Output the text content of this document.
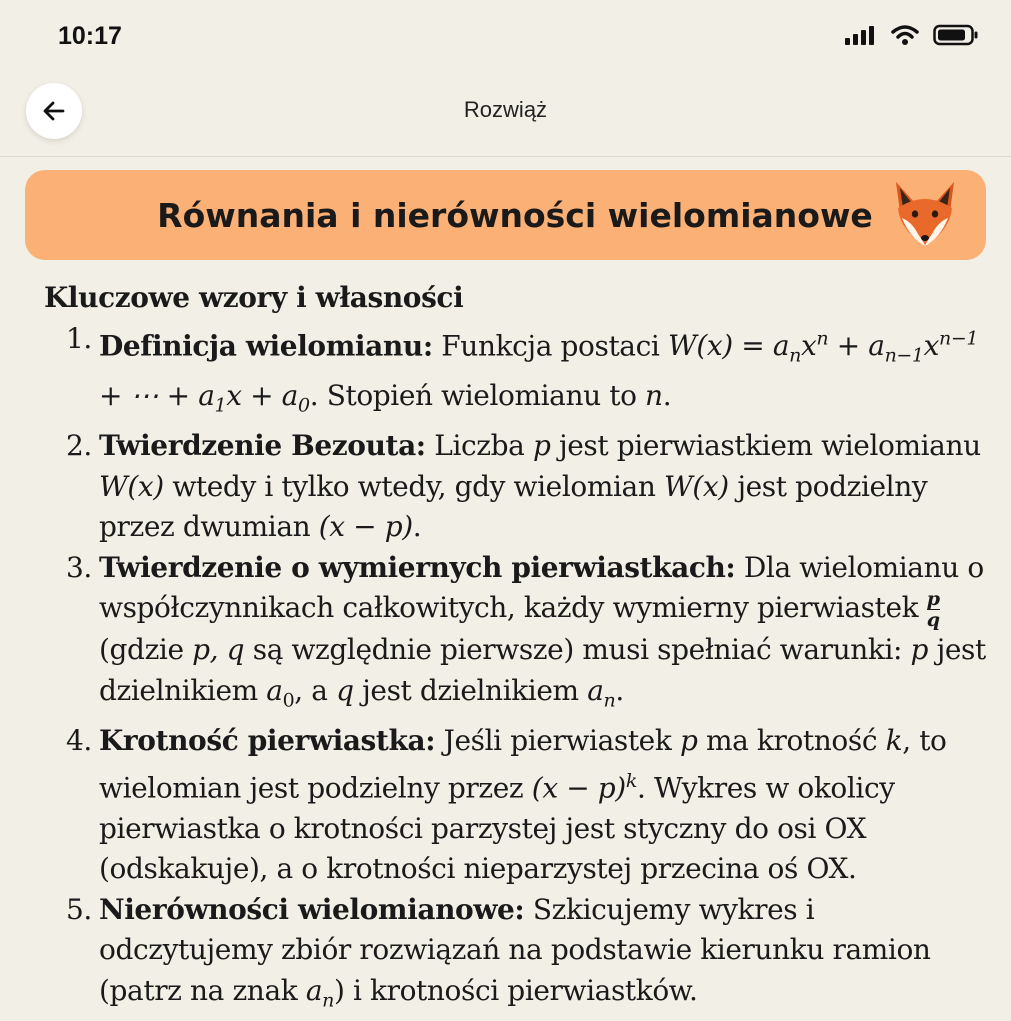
10:17
Rozwiąż
Równania i nierówności wielomianowe

Kluczowe wzory i własności

1. Definicja wielomianu: Funkcja postaci $W(x) = a_nx^n + a_{n-1}x^{n-1}$ + ⋯ + $a_1x + a_0$. Stopień wielomianu to n.
2. Twierdzenie Bezouta: Liczba p jest pierwiastkiem wielomianu W(x) wtedy i tylko wtedy, gdy wielomian W(x) jest podzielny przez dwumian (x − p).
3. Twierdzenie o wymiernych pierwiastkach: Dla wielomianu o współczynnikach całkowitych, każdy wymierny pierwiastek $\frac{p}{q}$
(gdzie p, q są względnie pierwsze) musi spełniać warunki: p jest dzielnikiem $a_0$, a q jest dzielnikiem $a_n$.
4. Krotność pierwiastka: Jeśli pierwiastek p ma krotność k, to wielomian jest podzielny przez $(x - p)^k$. Wykres w okolicy pierwiastka o krotności parzystej jest styczny do osi OX (odskakuje), a o krotności nieparzystej przecina oś OX.
5. Nierówności wielomianowe: Szkicujemy wykres i odczytujemy zbiór rozwiązań na podstawie kierunku ramion (patrz na znak $a_n$) i krotności pierwiastków.
